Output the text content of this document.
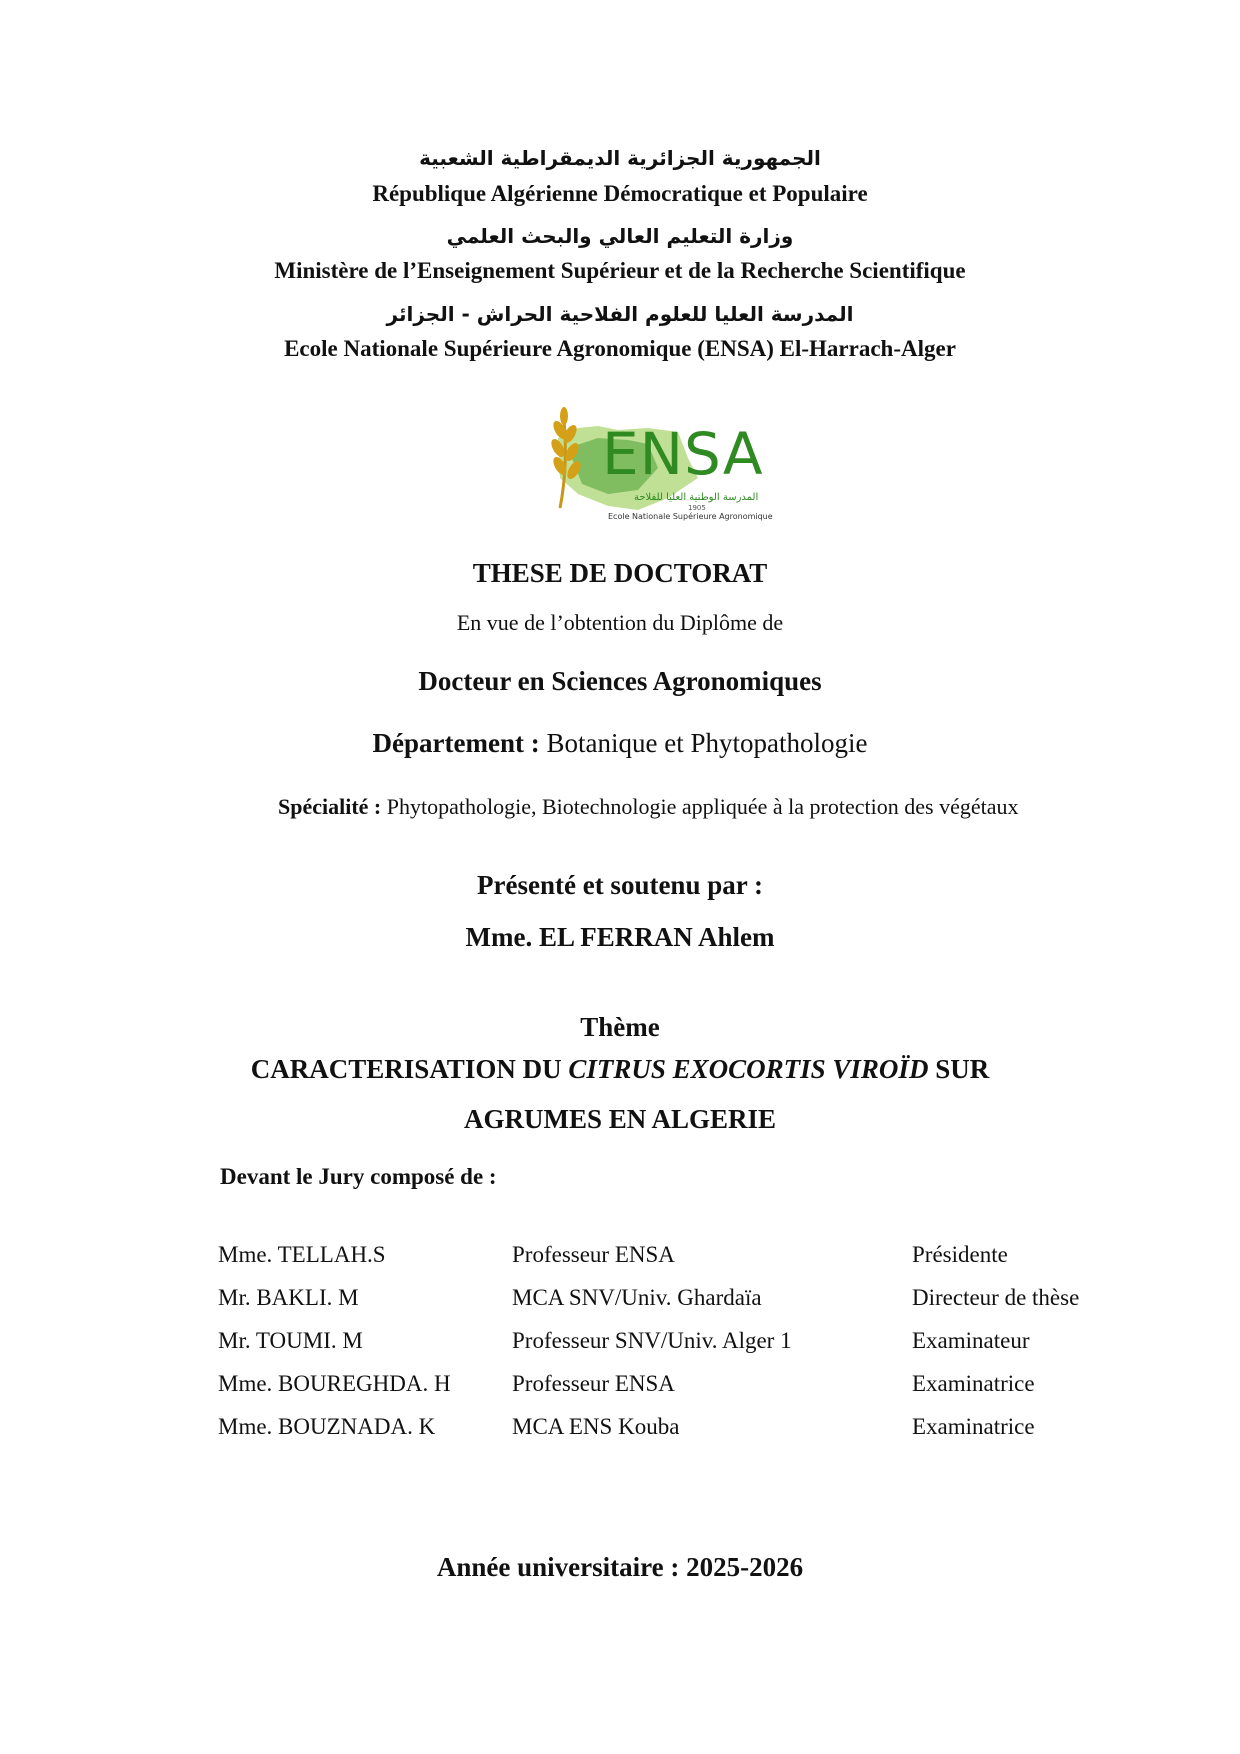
الجمهورية الجزائرية الديمقراطية الشعبية
République Algérienne Démocratique et Populaire
وزارة التعليم العالي والبحث العلمي
Ministère de l’Enseignement Supérieur et de la Recherche Scientifique
المدرسة العليا للعلوم الفلاحية الحراش - الجزائر
Ecole Nationale Supérieure Agronomique (ENSA) El-Harrach-Alger
ENSA
المدرسة الوطنية العليا للفلاحة
1905
Ecole Nationale Supérieure Agronomique
THESE DE DOCTORAT
En vue de l’obtention du Diplôme de
Docteur en Sciences Agronomiques
Département : Botanique et Phytopathologie
Spécialité : Phytopathologie, Biotechnologie appliquée à la protection des végétaux
Présenté et soutenu par :
Mme. EL FERRAN Ahlem
Thème
CARACTERISATION DU CITRUS EXOCORTIS VIROÏD SUR
AGRUMES EN ALGERIE
Devant le Jury composé de :
Mme. TELLAH.S	Professeur ENSA	Présidente
Mr. BAKLI. M	MCA SNV/Univ. Ghardaïa	Directeur de thèse
Mr. TOUMI. M	Professeur SNV/Univ. Alger 1	Examinateur
Mme. BOUREGHDA. H	Professeur ENSA	Examinatrice
Mme. BOUZNADA. K	MCA ENS Kouba	Examinatrice
Année universitaire : 2025-2026
